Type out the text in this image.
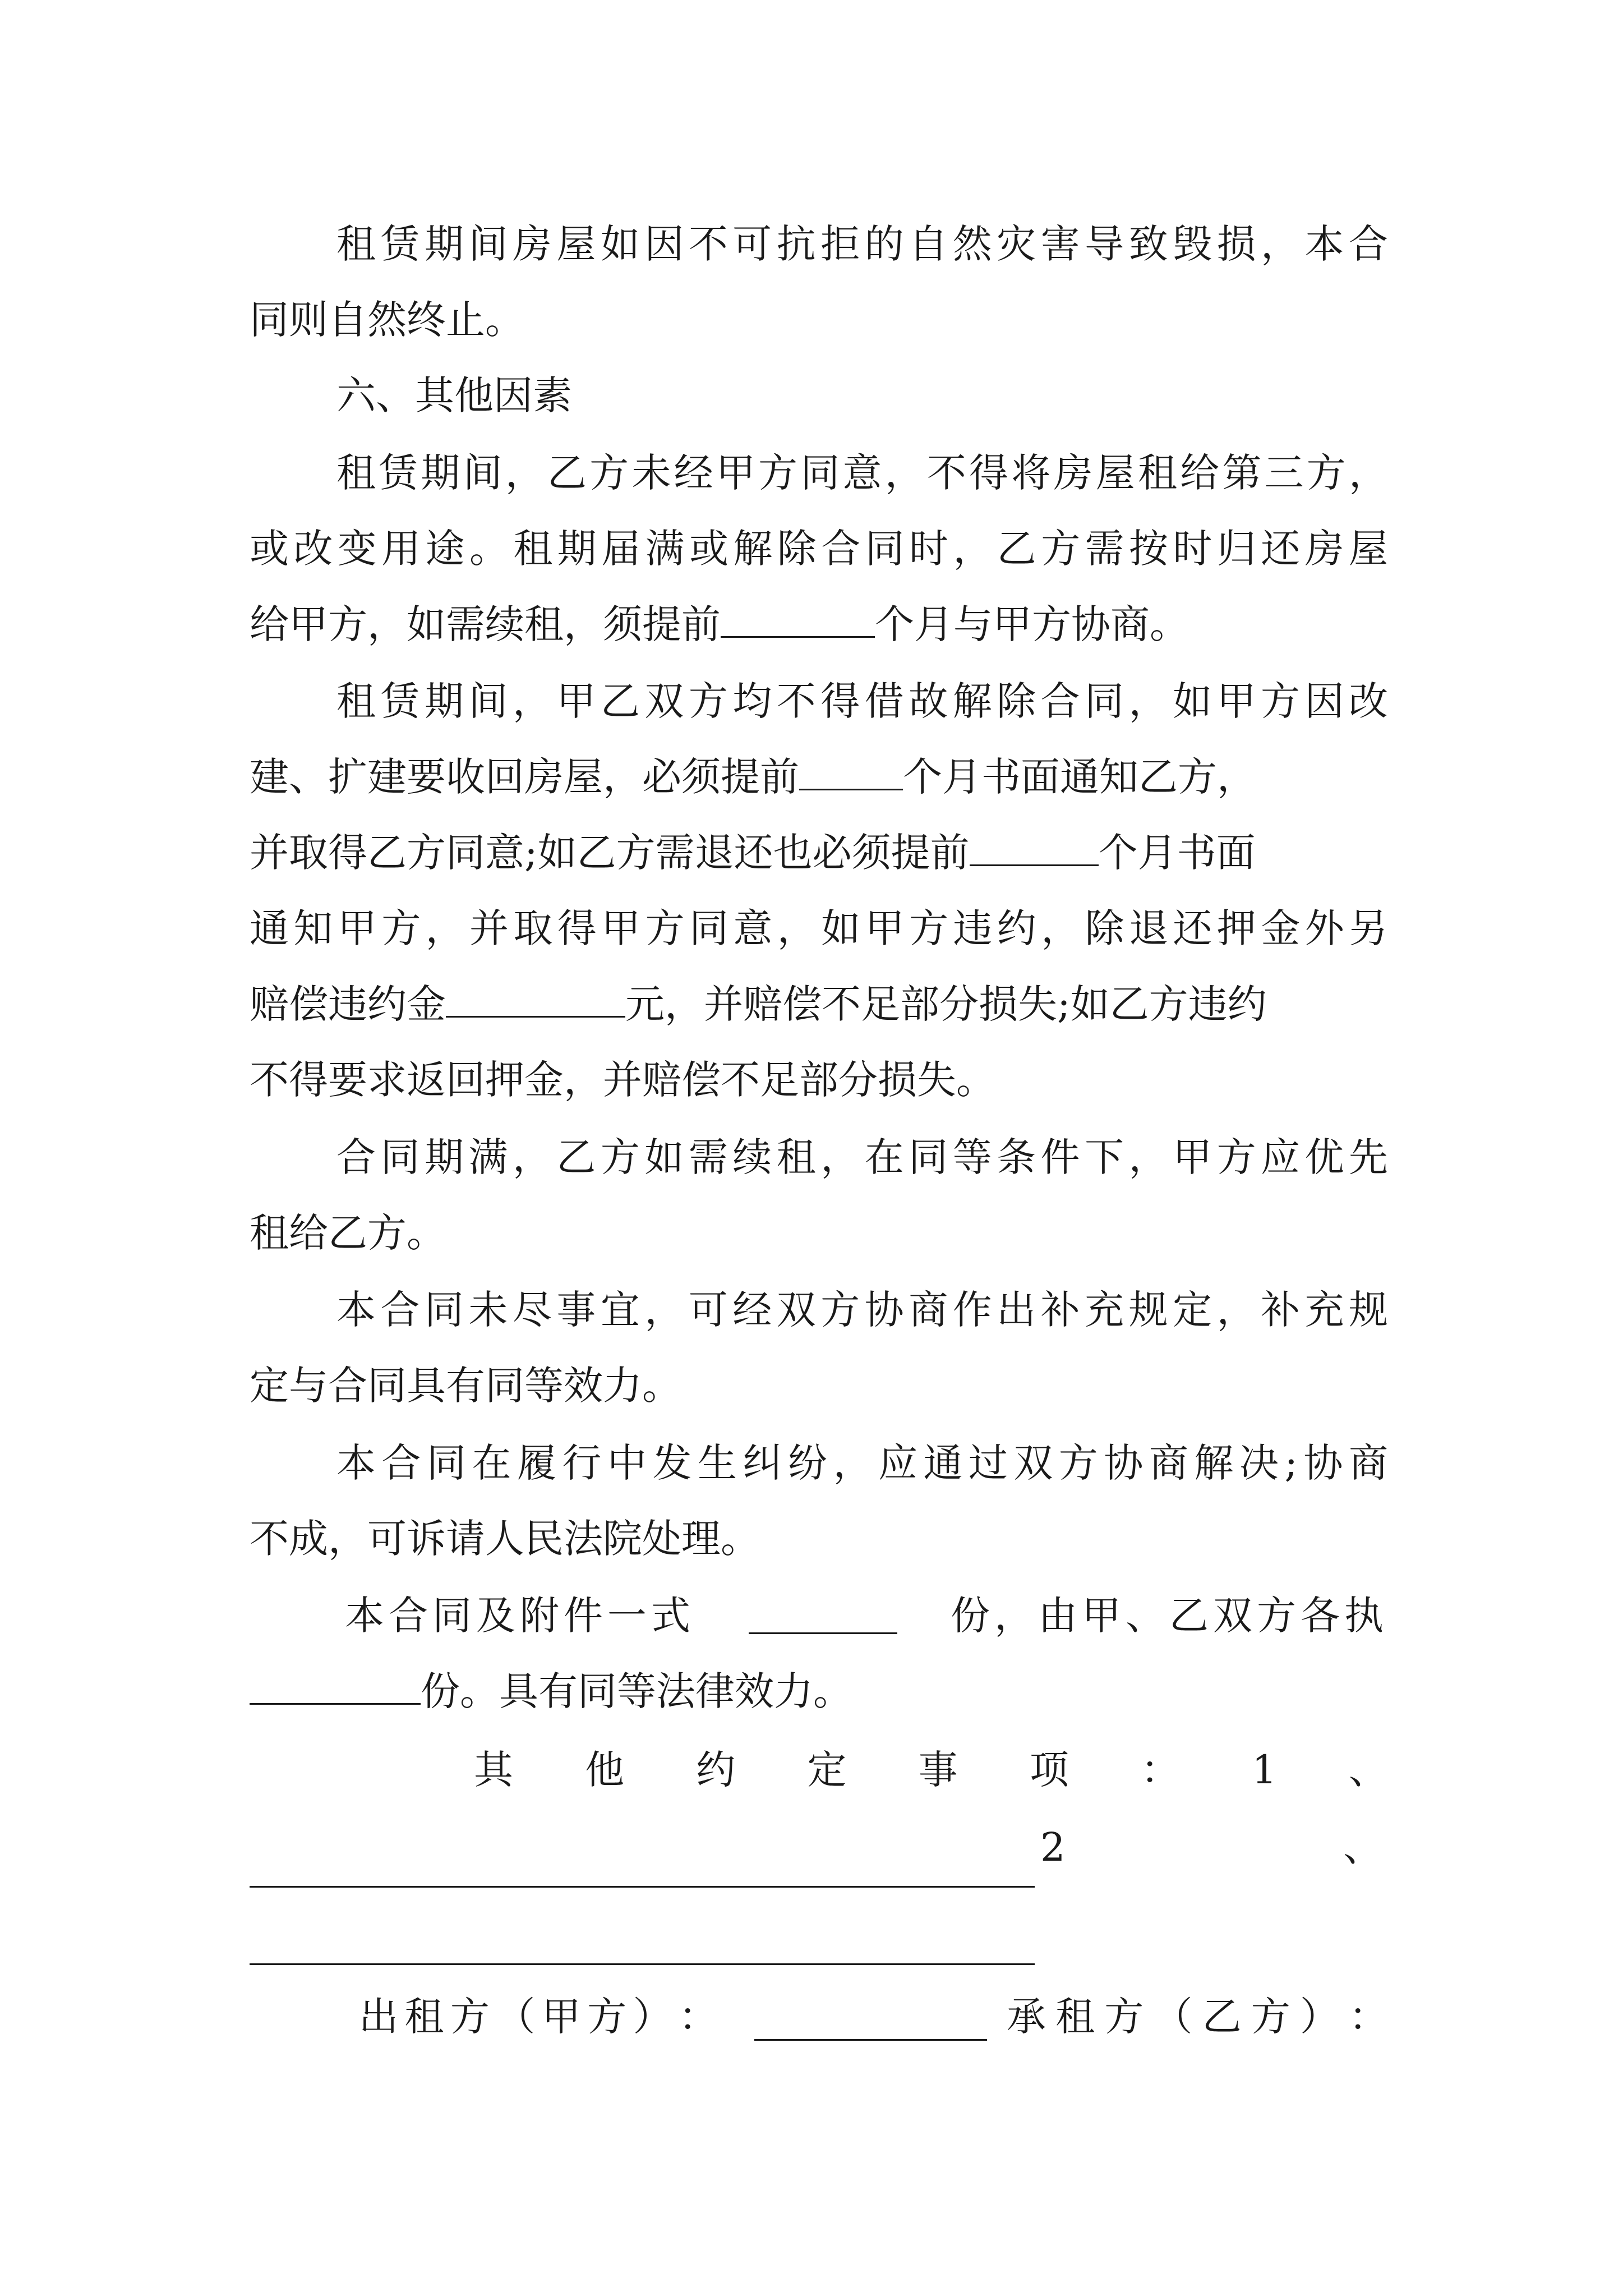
租赁期间房屋如因不可抗拒的自然灾害导致毁损，本合
同则自然终止。
六、其他因素
租赁期间，乙方未经甲方同意，不得将房屋租给第三方，
或改变用途。租期届满或解除合同时，乙方需按时归还房屋
给甲方，如需续租，须提前	个月与甲方协商。
租赁期间，甲乙双方均不得借故解除合同，如甲方因改
建、扩建要收回房屋，必须提前	个月书面通知乙方，
并取得乙方同意;如乙方需退还也必须提前	个月书面
通知甲方，并取得甲方同意，如甲方违约，除退还押金外另
赔偿违约金	元，并赔偿不足部分损失;如乙方违约
不得要求返回押金，并赔偿不足部分损失。
合同期满，乙方如需续租，在同等条件下，甲方应优先
租给乙方。
本合同未尽事宜，可经双方协商作出补充规定，补充规
定与合同具有同等效力。
本合同在履行中发生纠纷，应通过双方协商解决;协商
不成，可诉请人民法院处理。
本合同及附件一式	份，由甲、乙双方各执
份。具有同等法律效力。
其 他 约 定 事 项 ： 1 、
2	、
出 租 方 （ 甲 方 ） ：	承 租 方 （ 乙 方 ） ：
